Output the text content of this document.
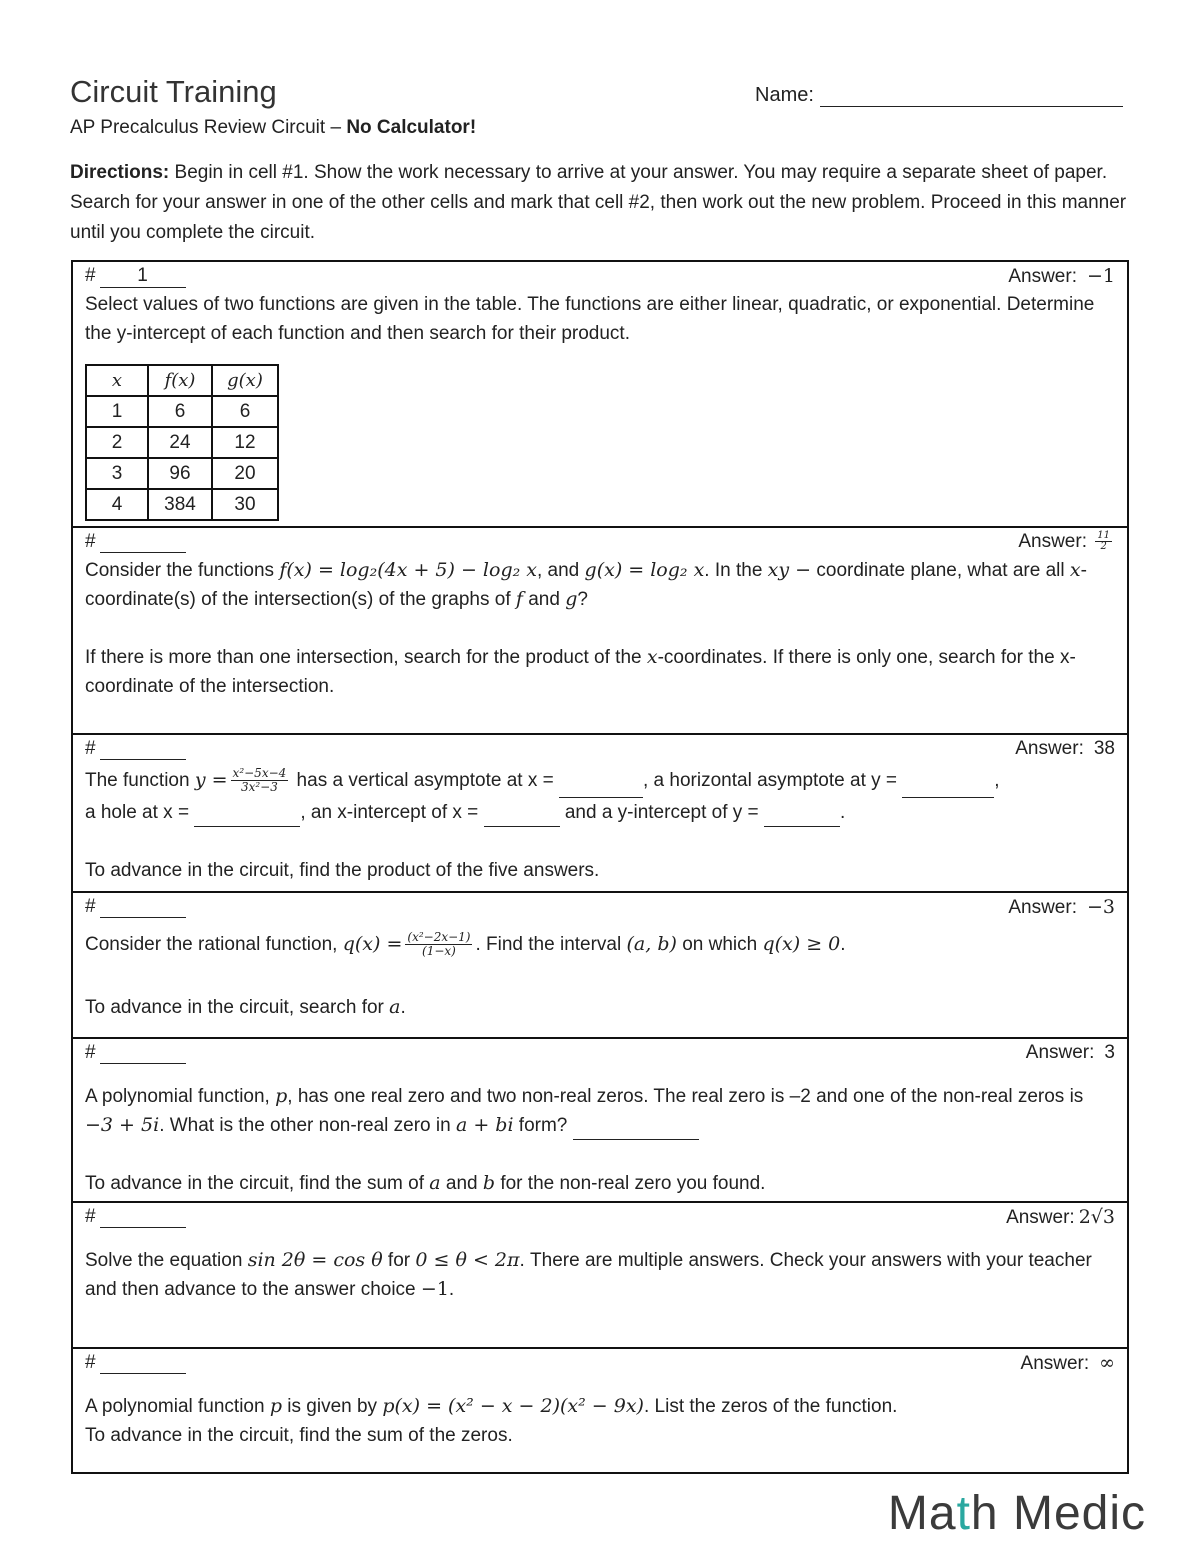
Circuit Training	Name:
AP Precalculus Review Circuit – No Calculator!

Directions: Begin in cell #1. Show the work necessary to arrive at your answer. You may require a separate sheet of paper. Search for your answer in one of the other cells and mark that cell #2, then work out the new problem. Proceed in this manner until you complete the circuit.

# 1	Answer: −1

Select values of two functions are given in the table. The functions are either linear, quadratic, or exponential. Determine the y-intercept of each function and then search for their product.

x	f(x)	g(x)
1	6	6
2	24	12
3	96	20
4	384	30
#	Answer: $\frac{11}{2}$

Consider the functions f(x) = log₂(4x + 5) − log₂ x, and g(x) = log₂ x. In the xy − coordinate plane, what are all x-coordinate(s) of the intersection(s) of the graphs of f and g?

If there is more than one intersection, search for the product of the x-coordinates. If there is only one, search for the x-coordinate of the intersection.

#	Answer: 38

The function $y = \frac{\text{x²−5x−4}}{\text{3x²−3}}$ has a vertical asymptote at x =	, a horizontal asymptote at y =	,

a hole at x =	, an x-intercept of x =	and a y-intercept of y =	.

To advance in the circuit, find the product of the five answers.

#	Answer: −3

Consider the rational function, $q(x) = \frac{\text{(x²−2x−1)}}{(1-x)}$ . Find the interval (a, b) on which q(x) ≥ 0.

To advance in the circuit, search for a.

#	Answer: 3

A polynomial function, p, has one real zero and two non-real zeros. The real zero is –2 and one of the non-real zeros is −3 + 5i. What is the other non-real zero in a + bi form?

To advance in the circuit, find the sum of a and b for the non-real zero you found.

#	Answer: 2√3

Solve the equation sin 2θ = cos θ for 0 ≤ θ < 2π. There are multiple answers. Check your answers with your teacher and then advance to the answer choice −1.

#	Answer: ∞

A polynomial function p is given by p(x) = (x² − x − 2)(x² − 9x). List the zeros of the function.

To advance in the circuit, find the sum of the zeros.

Math Medic
